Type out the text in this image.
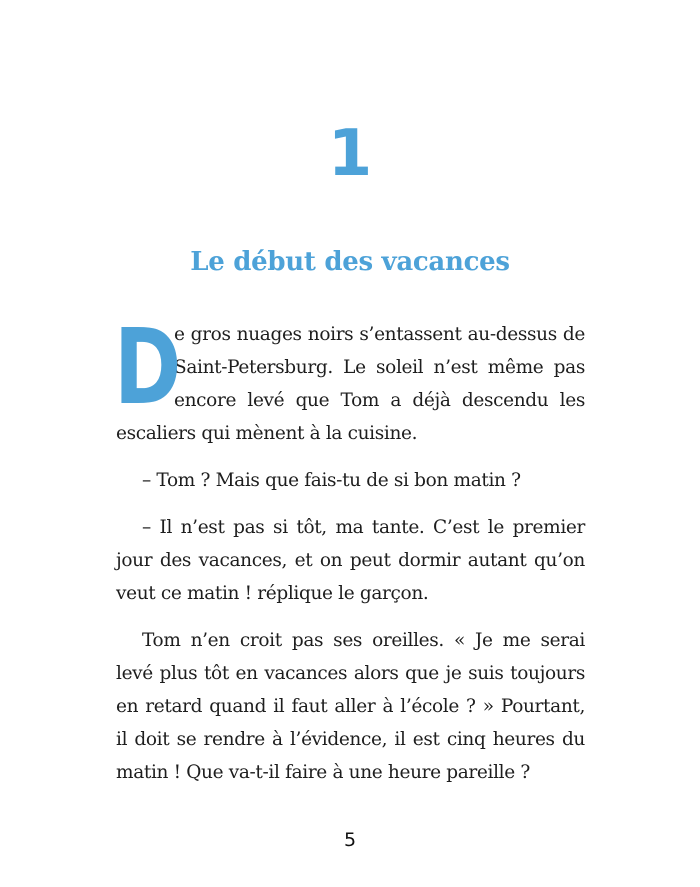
1
Le début des vacances

D
e gros nuages noirs s’entassent au-dessus de Saint-Petersburg. Le soleil n’est même pas encore levé que Tom a déjà descendu les escaliers qui mènent à la cuisine.

– Tom ? Mais que fais-tu de si bon matin ?

– Il n’est pas si tôt, ma tante. C’est le premier jour des vacances, et on peut dormir autant qu’on veut ce matin ! réplique le garçon.

Tom n’en croit pas ses oreilles. « Je me serai levé plus tôt en vacances alors que je suis toujours en retard quand il faut aller à l’école ? » Pourtant, il doit se rendre à l’évidence, il est cinq heures du matin ! Que va-t-il faire à une heure pareille ?

5
